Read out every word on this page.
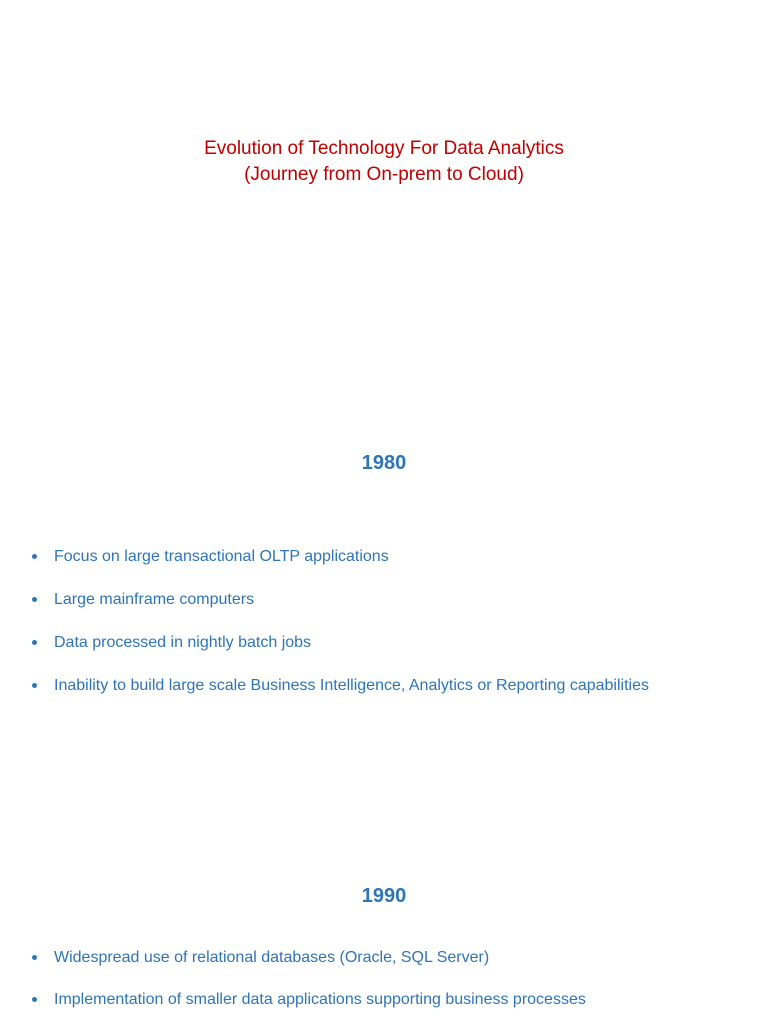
Evolution of Technology For Data Analytics
(Journey from On-prem to Cloud)
1980
Focus on large transactional OLTP applications
Large mainframe computers
Data processed in nightly batch jobs
Inability to build large scale Business Intelligence, Analytics or Reporting capabilities
1990
Widespread use of relational databases (Oracle, SQL Server)
Implementation of smaller data applications supporting business processes
